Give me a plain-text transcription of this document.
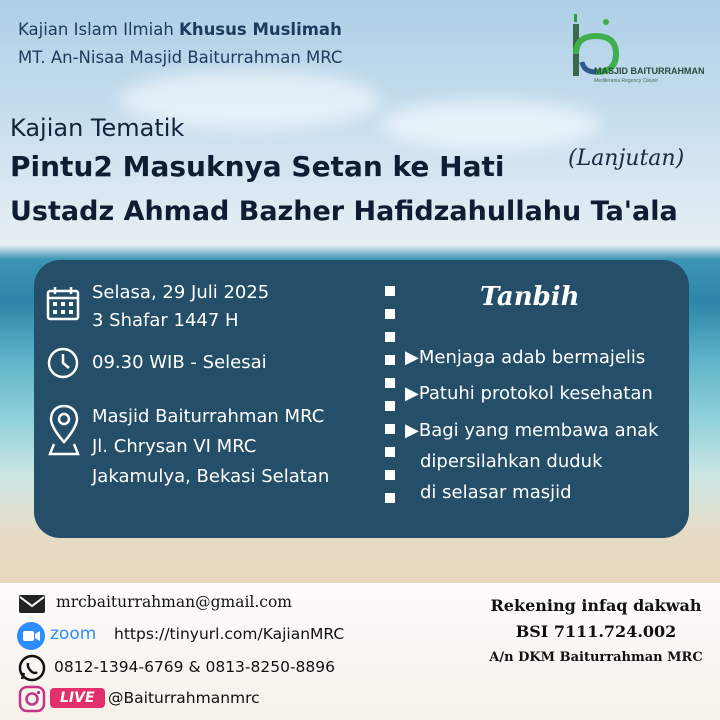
Kajian Islam Ilmiah Khusus Muslimah
MT. An-Nisaa Masjid Baiturrahman MRC
MASJID BAITURRAHMAN
Mediterania Regency Cikunir
Kajian Tematik
Pintu2 Masuknya Setan ke Hati	(Lanjutan)
Ustadz Ahmad Bazher Hafidzahullahu Ta'ala
Selasa, 29 Juli 2025
3 Shafar 1447 H
09.30 WIB - Selesai
Masjid Baiturrahman MRC
Jl. Chrysan VI MRC
Jakamulya, Bekasi Selatan
Tanbih
▶Menjaga adab bermajelis
▶Patuhi protokol kesehatan
▶Bagi yang membawa anak
dipersilahkan duduk
di selasar masjid
mrcbaiturrahman@gmail.com
zoom https://tinyurl.com/KajianMRC
0812-1394-6769 & 0813-8250-8896
LIVE @Baiturrahmanmrc
Rekening infaq dakwah
BSI 7111.724.002
A/n DKM Baiturrahman MRC
